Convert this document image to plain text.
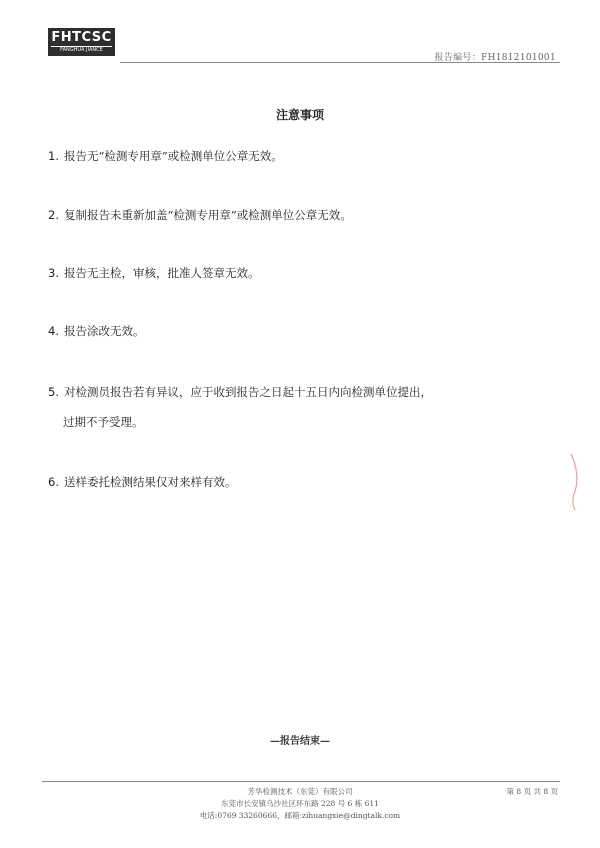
FHTCSC
FANGHUA JIANCE
报告编号：FH1812101001
注意事项
1. 报告无“检测专用章”或检测单位公章无效。
2. 复制报告未重新加盖“检测专用章”或检测单位公章无效。
3. 报告无主检，审核，批准人签章无效。
4. 报告涂改无效。
5. 对检测员报告若有异议，应于收到报告之日起十五日内向检测单位提出，
过期不予受理。
6. 送样委托检测结果仅对来样有效。
—报告结束—
芳华检测技术（东莞）有限公司
东莞市长安镇乌沙社区环东路 228 号 6 栋 611
电话:0769 33260666，邮箱:zihuangxie@dingtalk.com
第 8 页 共 8 页
